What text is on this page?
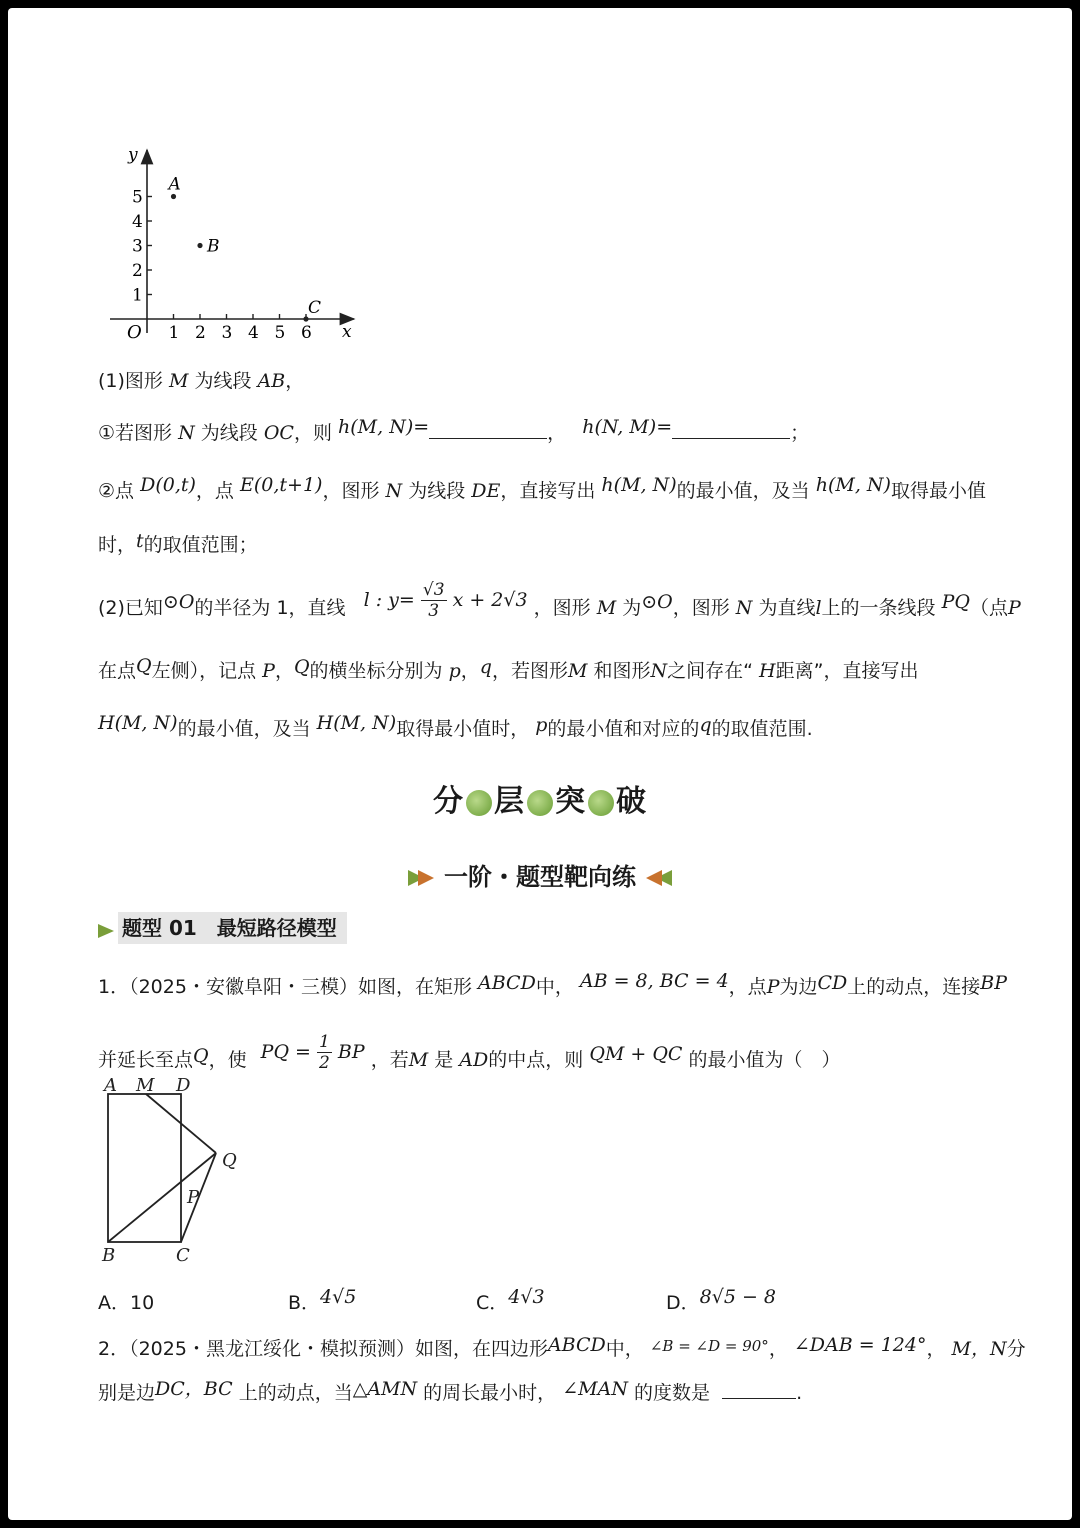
1 2 3 4 5 6
1
2
3
4
5
y
x
O
A
B
C
(1)图形 M 为线段 AB，
①若图形 N 为线段 OC，则 h(M, N)=	， h(N, M)=	；
②点 D(0,t)，点 E(0,t+1)，图形 N 为线段 DE，直接写出 h(M, N)的最小值，及当 h(M, N)取得最小值
时，t的取值范围；
(2)已知⊙O的半径为 1，直线 l : $y= \frac{√3}{3}$ x + 2√3 ，图形 M 为⊙O，图形 N 为直线l上的一条线段 PQ（点P
在点Q左侧），记点 P，Q的横坐标分别为 p，q，若图形M 和图形N之间存在“ H距离”，直接写出
H(M, N)的最小值，及当 H(M, N)取得最小值时， p的最小值和对应的q的取值范围.
分 层 突 破
一阶・题型靶向练
题型 01　最短路径模型
1．（2025・安徽阜阳・三模）如图，在矩形 ABCD中， AB = 8, BC = 4，点P为边CD上的动点，连接BP
并延长至点Q，使 PQ = $\frac{1}{2}$ BP ，若M 是 AD的中点，则 QM + QC 的最小值为（　）
A M D
Q
P
B	C
A．10	B．4√5	C．4√3	D．8√5 − 8
2．（2025・黑龙江绥化・模拟预测）如图，在四边形ABCD中， $^{\angle B = \angle D = 90^\circ}$， ∠DAB = 124°， M，N分
别是边DC，BC 上的动点，当△AMN 的周长最小时， ∠MAN 的度数是	.
